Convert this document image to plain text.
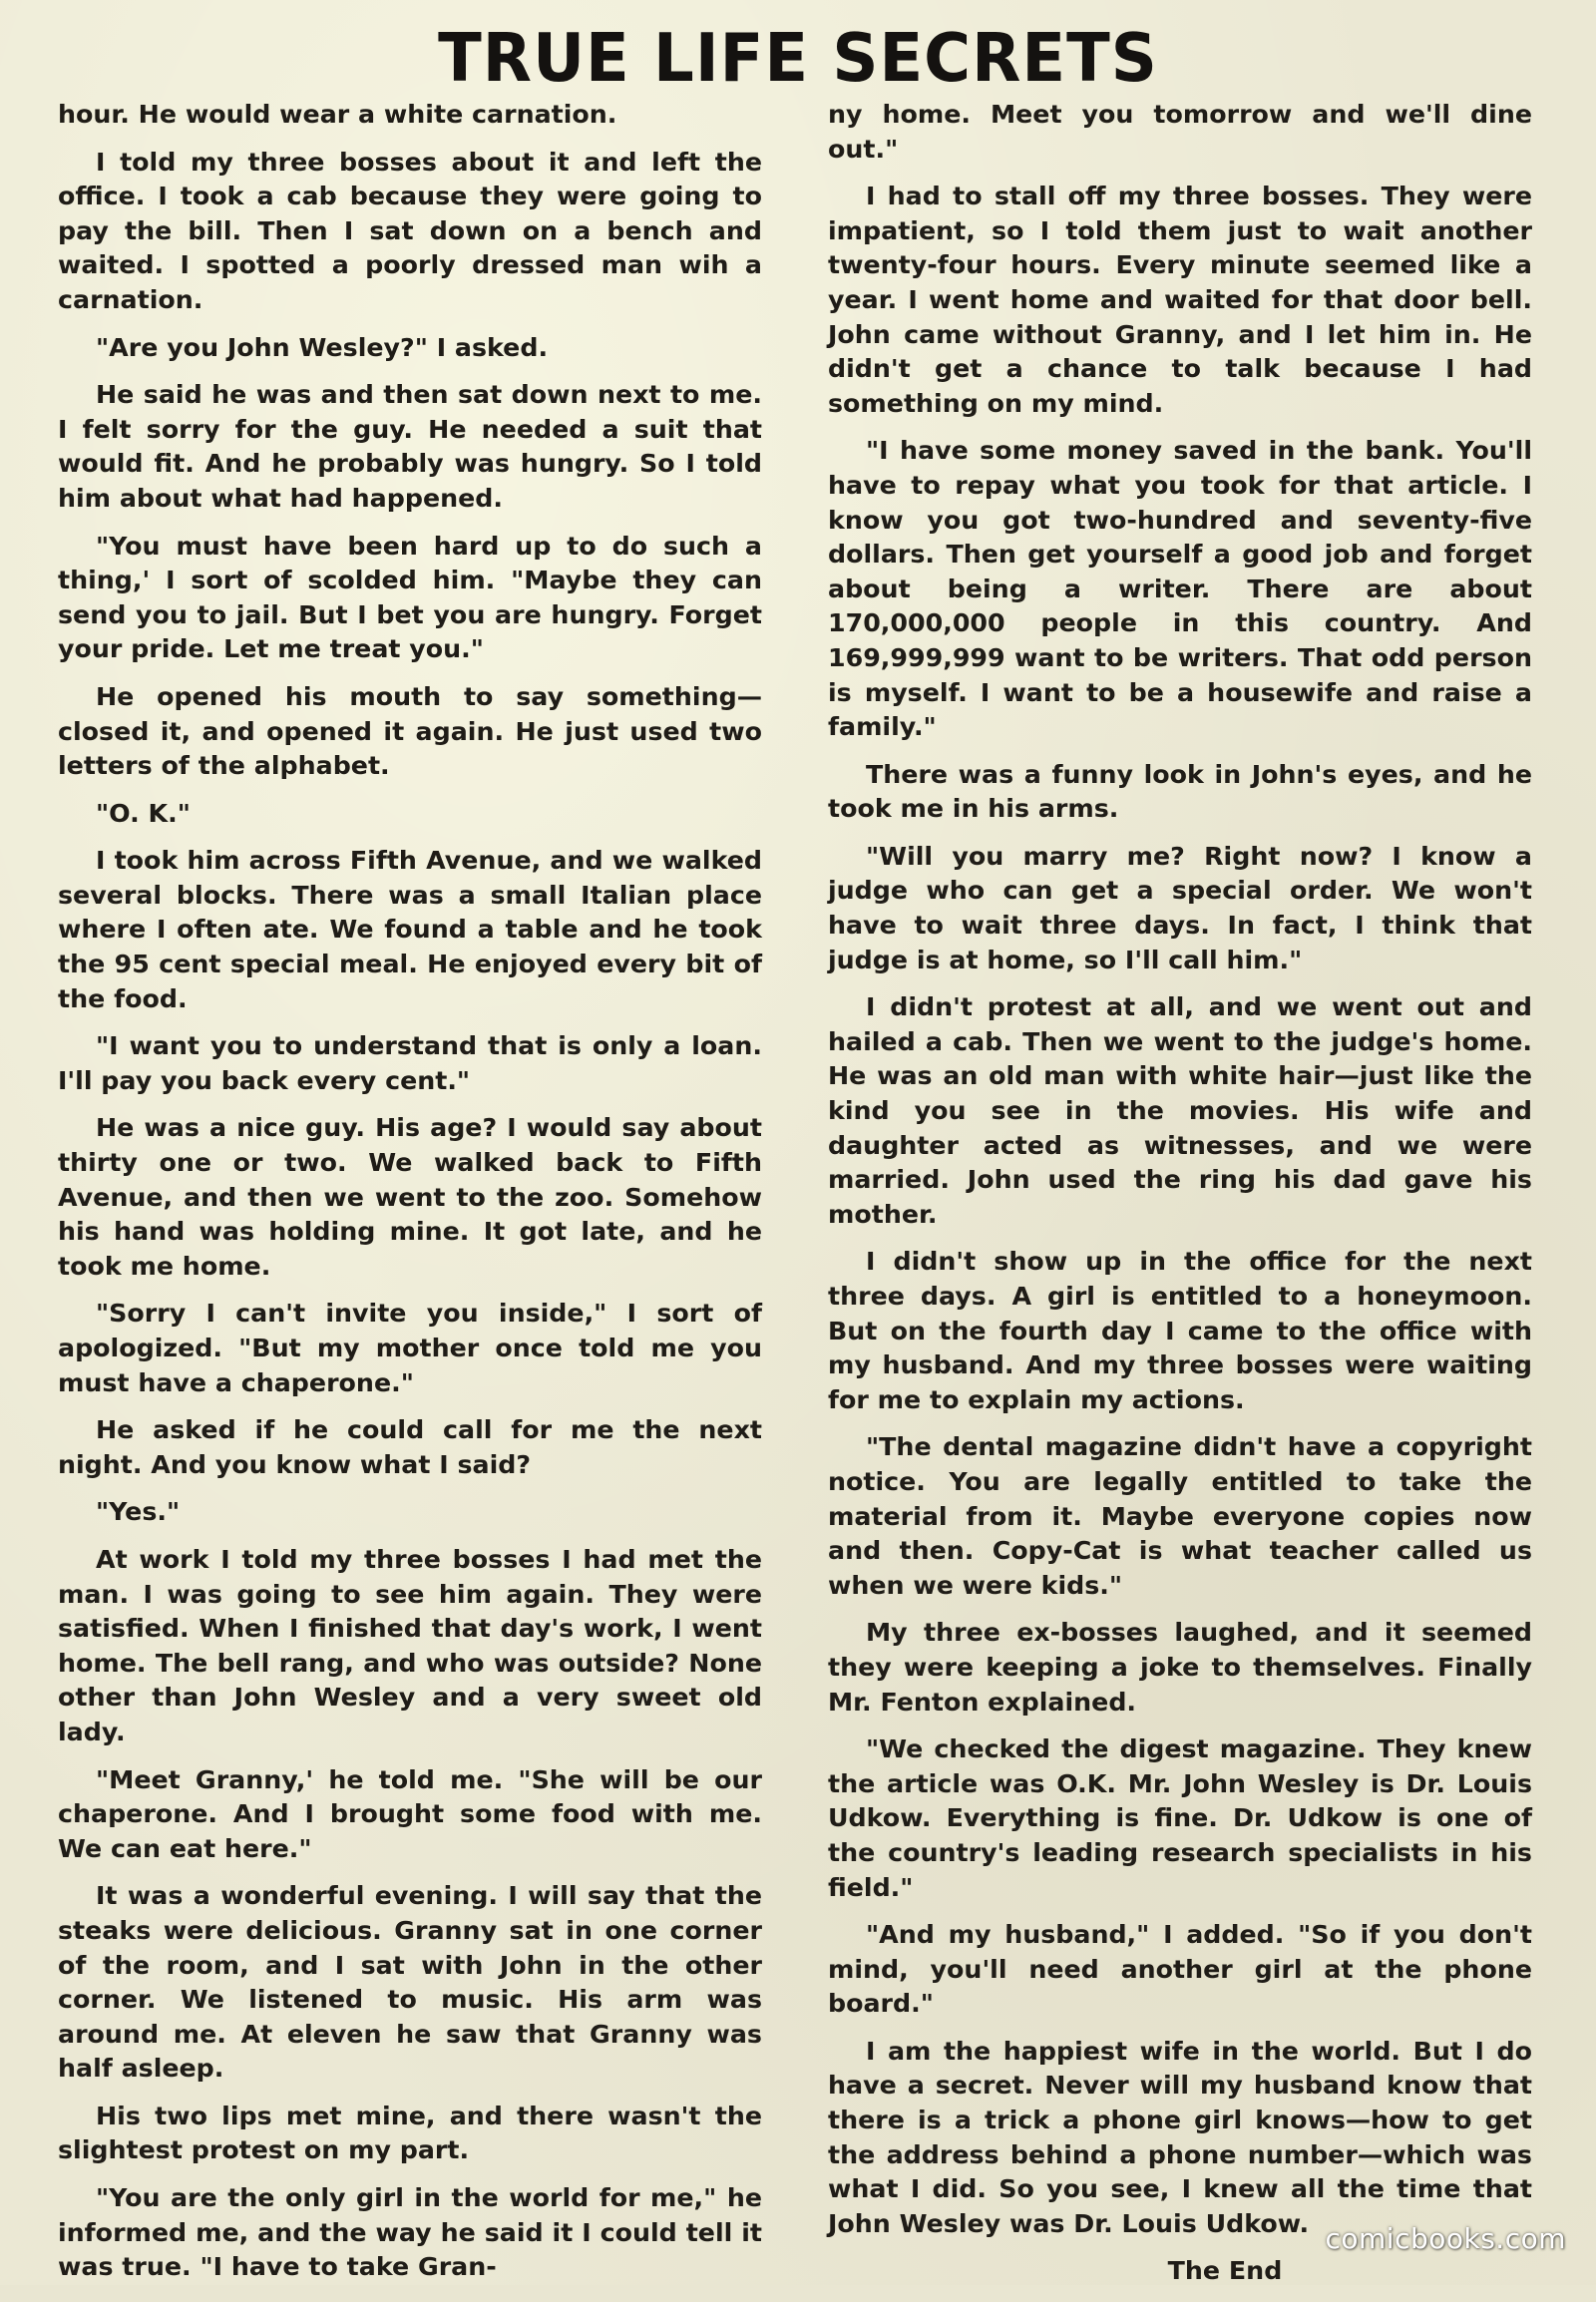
TRUE LIFE SECRETS

hour. He would wear a white carnation.

I told my three bosses about it and left the office. I took a cab because they were going to pay the bill. Then I sat down on a bench and waited. I spotted a poorly dressed man wih a carnation.

"Are you John Wesley?" I asked.

He said he was and then sat down next to me. I felt sorry for the guy. He needed a suit that would fit. And he probably was hungry. So I told him about what had happened.

"You must have been hard up to do such a thing,' I sort of scolded him. "Maybe they can send you to jail. But I bet you are hungry. Forget your pride. Let me treat you."

He opened his mouth to say something—closed it, and opened it again. He just used two letters of the alphabet.

"O. K."

I took him across Fifth Avenue, and we walked several blocks. There was a small Italian place where I often ate. We found a table and he took the 95 cent special meal. He enjoyed every bit of the food.

"I want you to understand that is only a loan. I'll pay you back every cent."

He was a nice guy. His age? I would say about thirty one or two. We walked back to Fifth Avenue, and then we went to the zoo. Somehow his hand was holding mine. It got late, and he took me home.

"Sorry I can't invite you inside," I sort of apologized. "But my mother once told me you must have a chaperone."

He asked if he could call for me the next night. And you know what I said?

"Yes."

At work I told my three bosses I had met the man. I was going to see him again. They were satisfied. When I finished that day's work, I went home. The bell rang, and who was outside? None other than John Wesley and a very sweet old lady.

"Meet Granny,' he told me. "She will be our chaperone. And I brought some food with me. We can eat here."

It was a wonderful evening. I will say that the steaks were delicious. Granny sat in one corner of the room, and I sat with John in the other corner. We listened to music. His arm was around me. At eleven he saw that Granny was half asleep.

His two lips met mine, and there wasn't the slightest protest on my part.

"You are the only girl in the world for me," he informed me, and the way he said it I could tell it was true. "I have to take Gran-

ny home. Meet you tomorrow and we'll dine out."

I had to stall off my three bosses. They were impatient, so I told them just to wait another twenty-four hours. Every minute seemed like a year. I went home and waited for that door bell. John came without Granny, and I let him in. He didn't get a chance to talk because I had something on my mind.

"I have some money saved in the bank. You'll have to repay what you took for that article. I know you got two-hundred and seventy-five dollars. Then get yourself a good job and forget about being a writer. There are about 170,000,000 people in this country. And 169,999,999 want to be writers. That odd person is myself. I want to be a housewife and raise a family."

There was a funny look in John's eyes, and he took me in his arms.

"Will you marry me? Right now? I know a judge who can get a special order. We won't have to wait three days. In fact, I think that judge is at home, so I'll call him."

I didn't protest at all, and we went out and hailed a cab. Then we went to the judge's home. He was an old man with white hair—just like the kind you see in the movies. His wife and daughter acted as witnesses, and we were married. John used the ring his dad gave his mother.

I didn't show up in the office for the next three days. A girl is entitled to a honeymoon. But on the fourth day I came to the office with my husband. And my three bosses were waiting for me to explain my actions.

"The dental magazine didn't have a copyright notice. You are legally entitled to take the material from it. Maybe everyone copies now and then. Copy-Cat is what teacher called us when we were kids."

My three ex-bosses laughed, and it seemed they were keeping a joke to themselves. Finally Mr. Fenton explained.

"We checked the digest magazine. They knew the article was O.K. Mr. John Wesley is Dr. Louis Udkow. Everything is fine. Dr. Udkow is one of the country's leading research specialists in his field."

"And my husband," I added. "So if you don't mind, you'll need another girl at the phone board."

I am the happiest wife in the world. But I do have a secret. Never will my husband know that there is a trick a phone girl knows—how to get the address behind a phone number—which was what I did. So you see, I knew all the time that John Wesley was Dr. Louis Udkow.

The End

comicbooks.com
